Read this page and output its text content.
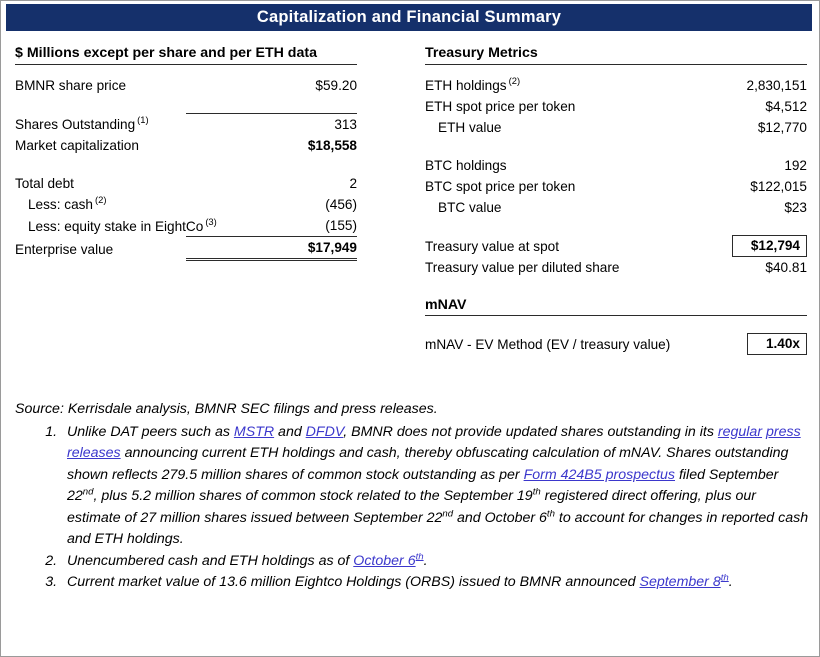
Capitalization and Financial Summary
$ Millions except per share and per ETH data

BMNR share price	$59.20

Shares Outstanding $^{(1)}$	313
Market capitalization	$18,558

Total debt	2
Less: cash $^{(2)}$	(456)
Less: equity stake in EightCo $^{(3)}$	(155)
Enterprise value	$17,949
Treasury Metrics

ETH holdings $^{(2)}$	2,830,151
ETH spot price per token	$4,512
ETH value	$12,770

BTC holdings	192
BTC spot price per token	$122,015
BTC value	$23

Treasury value at spot	$12,794
Treasury value per diluted share	$40.81
mNAV

mNAV - EV Method (EV / treasury value)	1.40x

Source: Kerrisdale analysis, BMNR SEC filings and press releases.

1. Unlike DAT peers such as MSTR and DFDV, BMNR does not provide updated shares outstanding in its regular press releases announcing current ETH holdings and cash, thereby obfuscating calculation of mNAV. Shares outstanding shown reflects 279.5 million shares of common stock outstanding as per Form 424B5 prospectus filed September 22nd, plus 5.2 million shares of common stock related to the September 19th registered direct offering, plus our estimate of 27 million shares issued between September 22nd and October 6th to account for changes in reported cash and ETH holdings.
2. Unencumbered cash and ETH holdings as of October 6th.
3. Current market value of 13.6 million Eightco Holdings (ORBS) issued to BMNR announced September 8th.
